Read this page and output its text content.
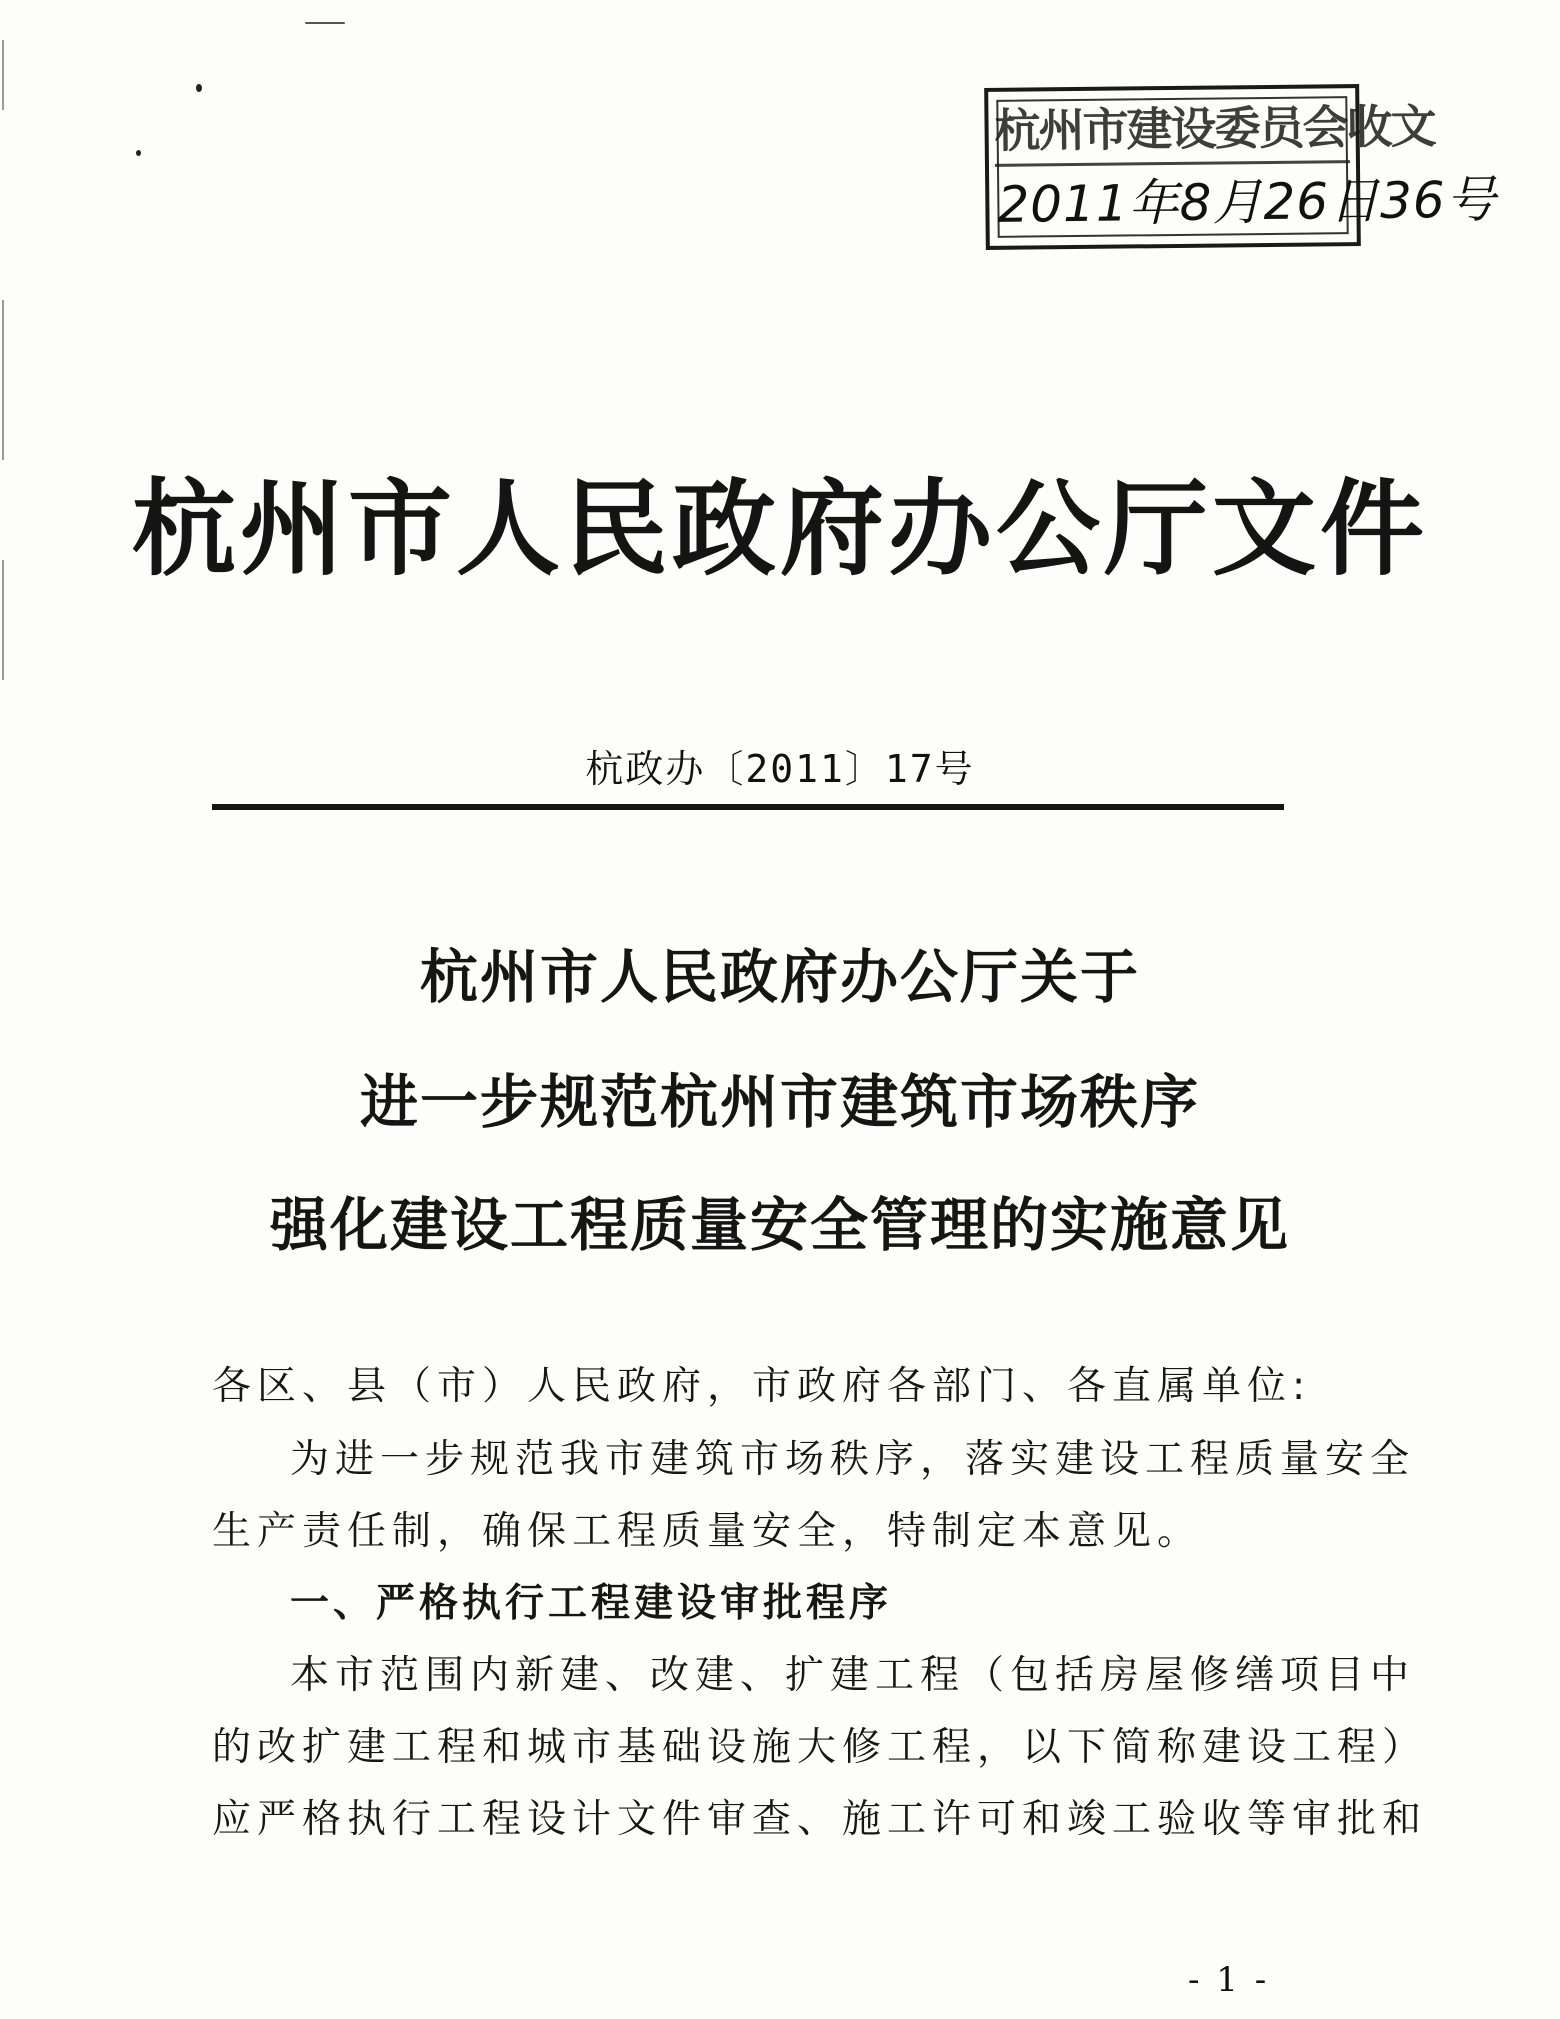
杭州市建设委员会收文
2011年8月26日36号
杭州市人民政府办公厅文件
杭政办〔2011〕17号
杭州市人民政府办公厅关于
进一步规范杭州市建筑市场秩序
强化建设工程质量安全管理的实施意见
各区、县（市）人民政府，市政府各部门、各直属单位:
为进一步规范我市建筑市场秩序，落实建设工程质量安全
生产责任制，确保工程质量安全，特制定本意见。
一、严格执行工程建设审批程序
本市范围内新建、改建、扩建工程（包括房屋修缮项目中
的改扩建工程和城市基础设施大修工程，以下简称建设工程）
应严格执行工程设计文件审查、施工许可和竣工验收等审批和
- 1 -
